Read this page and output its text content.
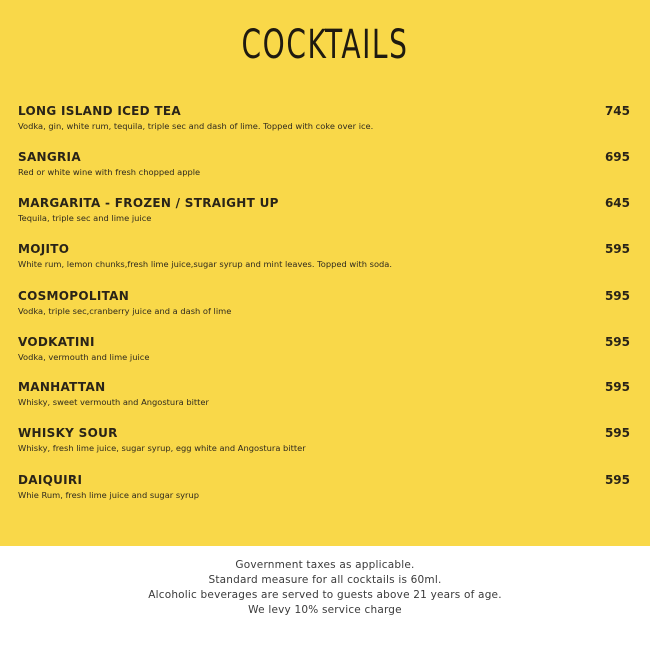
COCKTAILS
LONG ISLAND ICED TEA
Vodka, gin, white rum, tequila, triple sec and dash of lime. Topped with coke over ice.
745
SANGRIA
Red or white wine with fresh chopped apple
695
MARGARITA - FROZEN / STRAIGHT UP
Tequila, triple sec and lime juice
645
MOJITO
White rum, lemon chunks,fresh lime juice,sugar syrup and mint leaves. Topped with soda.
595
COSMOPOLITAN
Vodka, triple sec,cranberry juice and a dash of lime
595
VODKATINI
Vodka, vermouth and lime juice
595
MANHATTAN
Whisky, sweet vermouth and Angostura bitter
595
WHISKY SOUR
Whisky, fresh lime juice, sugar syrup, egg white and Angostura bitter
595
DAIQUIRI
Whie Rum, fresh lime juice and sugar syrup
595
Government taxes as applicable.
Standard measure for all cocktails is 60ml.
Alcoholic beverages are served to guests above 21 years of age.
We levy 10% service charge
